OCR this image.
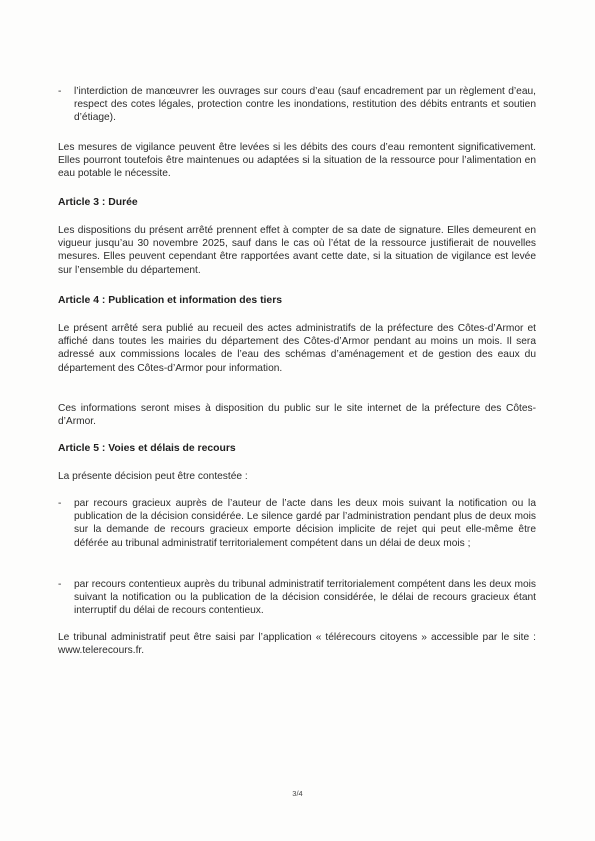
-	l’interdiction de manœuvrer les ouvrages sur cours d’eau (sauf encadrement par un règlement d’eau, respect des cotes légales, protection contre les inondations, restitution des débits entrants et soutien d’étiage).
Les mesures de vigilance peuvent être levées si les débits des cours d’eau remontent significativement. Elles pourront toutefois être maintenues ou adaptées si la situation de la ressource pour l’alimentation en eau potable le nécessite.
Article 3 : Durée
Les dispositions du présent arrêté prennent effet à compter de sa date de signature. Elles demeurent en vigueur jusqu’au 30 novembre 2025, sauf dans le cas où l’état de la ressource justifierait de nouvelles mesures. Elles peuvent cependant être rapportées avant cette date, si la situation de vigilance est levée sur l’ensemble du département.
Article 4 : Publication et information des tiers
Le présent arrêté sera publié au recueil des actes administratifs de la préfecture des Côtes-d’Armor et affiché dans toutes les mairies du département des Côtes-d’Armor pendant au moins un mois. Il sera adressé aux commissions locales de l’eau des schémas d’aménagement et de gestion des eaux du département des Côtes-d’Armor pour information.
Ces informations seront mises à disposition du public sur le site internet de la préfecture des Côtes-d’Armor.
Article 5 : Voies et délais de recours
La présente décision peut être contestée :
-	par recours gracieux auprès de l’auteur de l’acte dans les deux mois suivant la notification ou la publication de la décision considérée. Le silence gardé par l’administration pendant plus de deux mois sur la demande de recours gracieux emporte décision implicite de rejet qui peut elle-même être déférée au tribunal administratif territorialement compétent dans un délai de deux mois ;
-	par recours contentieux auprès du tribunal administratif territorialement compétent dans les deux mois suivant la notification ou la publication de la décision considérée, le délai de recours gracieux étant interruptif du délai de recours contentieux.
Le tribunal administratif peut être saisi par l’application « télérecours citoyens » accessible par le site : www.telerecours.fr.
3/4
